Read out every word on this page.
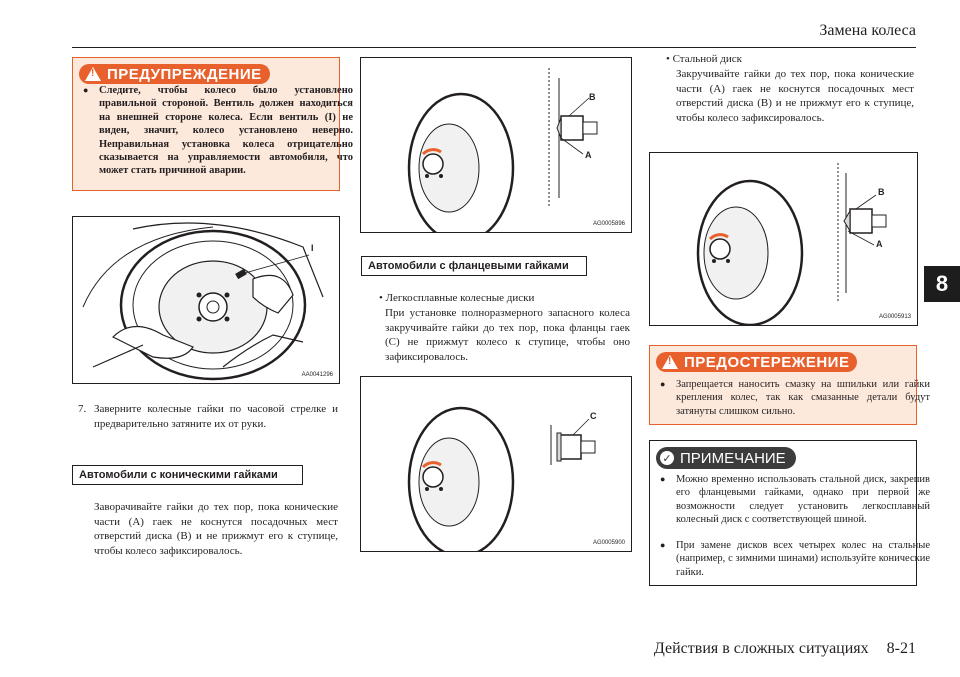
Замена колеса
8
Действия в сложных ситуациях 8-21
!
ПРЕДУПРЕЖДЕНИЕ
● Следите, чтобы колесо было установлено правильной стороной. Вентиль должен находиться на внешней стороне колеса. Если вентиль (I) не виден, значит, колесо установлено неверно. Неправильная установка колеса отрицательно сказывается на управляемости автомобиля, что может стать причиной аварии.
I
AA0041296
7. Заверните колесные гайки по часовой стрелке и предварительно затяните их от руки.
Автомобили с коническими гайками
Заворачивайте гайки до тех пор, пока конические части (A) гаек не коснутся посадочных мест отверстий диска (B) и не прижмут его к ступице, чтобы колесо зафиксировалось.
B
A
AG0005896
Автомобили с фланцевыми гайками
• Легкосплавные колесные диски
При установке полноразмерного запасного колеса закручивайте гайки до тех пор, пока фланцы гаек (C) не прижмут колесо к ступице, чтобы оно зафиксировалось.
C
AG0005900
• Стальной диск
Закручивайте гайки до тех пор, пока конические части (A) гаек не коснутся посадочных мест отверстий диска (B) и не прижмут его к ступице, чтобы колесо зафиксировалось.
B
A
AG0005913
!
ПРЕДОСТЕРЕЖЕНИЕ
● Запрещается наносить смазку на шпильки или гайки крепления колес, так как смазанные детали будут затянуты слишком сильно.
✓ ПРИМЕЧАНИЕ
● Можно временно использовать стальной диск, закрепив его фланцевыми гайками, однако при первой же возможности следует установить легкосплавный колесный диск с соответствующей шиной.
● При замене дисков всех четырех колес на стальные (например, с зимними шинами) используйте конические гайки.
